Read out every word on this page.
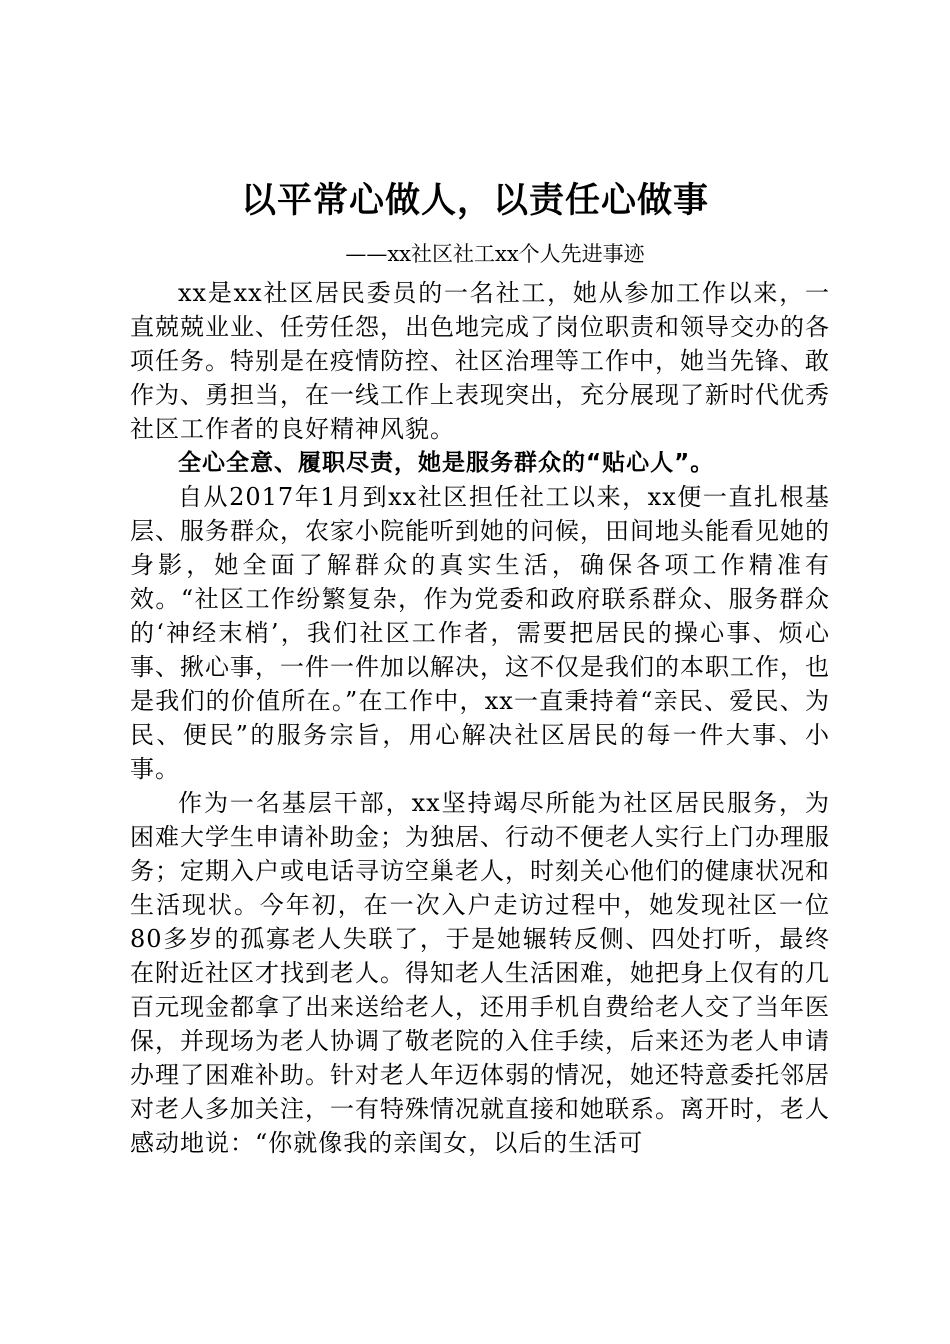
以平常心做人，以责任心做事
——xx社区社工xx个人先进事迹

xx是xx社区居民委员的一名社工，她从参加工作以来，一直兢兢业业、任劳任怨，出色地完成了岗位职责和领导交办的各项任务。特别是在疫情防控、社区治理等工作中，她当先锋、敢作为、勇担当，在一线工作上表现突出，充分展现了新时代优秀社区工作者的良好精神风貌。

全心全意、履职尽责，她是服务群众的“贴心人”。

自从2017年1月到xx社区担任社工以来，xx便一直扎根基层、服务群众，农家小院能听到她的问候，田间地头能看见她的身影，她全面了解群众的真实生活，确保各项工作精准有效。“社区工作纷繁复杂，作为党委和政府联系群众、服务群众的‘神经末梢’，我们社区工作者，需要把居民的操心事、烦心事、揪心事，一件一件加以解决，这不仅是我们的本职工作，也是我们的价值所在。”在工作中，xx一直秉持着“亲民、爱民、为民、便民”的服务宗旨，用心解决社区居民的每一件大事、小事。

作为一名基层干部，xx坚持竭尽所能为社区居民服务，为困难大学生申请补助金；为独居、行动不便老人实行上门办理服务；定期入户或电话寻访空巢老人，时刻关心他们的健康状况和生活现状。今年初，在一次入户走访过程中，她发现社区一位80多岁的孤寡老人失联了，于是她辗转反侧、四处打听，最终在附近社区才找到老人。得知老人生活困难，她把身上仅有的几百元现金都拿了出来送给老人，还用手机自费给老人交了当年医保，并现场为老人协调了敬老院的入住手续，后来还为老人申请办理了困难补助。针对老人年迈体弱的情况，她还特意委托邻居对老人多加关注，一有特殊情况就直接和她联系。离开时，老人感动地说：“你就像我的亲闺女，以后的生活可
